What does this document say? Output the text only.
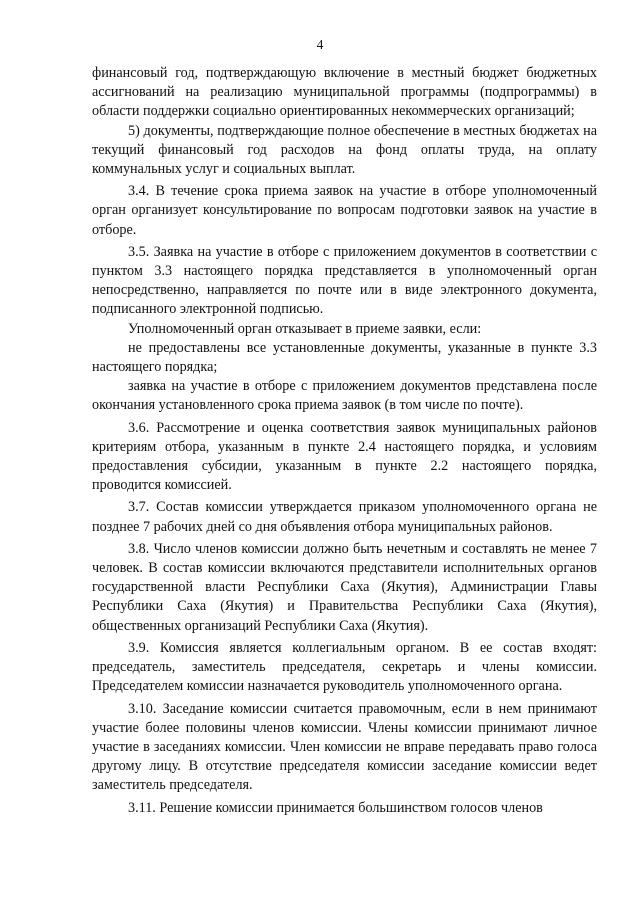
4

финансовый год, подтверждающую включение в местный бюджет бюджетных ассигнований на реализацию муниципальной программы (подпрограммы) в области поддержки социально ориентированных некоммерческих организаций;

5) документы, подтверждающие полное обеспечение в местных бюджетах на текущий финансовый год расходов на фонд оплаты труда, на оплату коммунальных услуг и социальных выплат.

3.4. В течение срока приема заявок на участие в отборе уполномоченный орган организует консультирование по вопросам подготовки заявок на участие в отборе.

3.5. Заявка на участие в отборе с приложением документов в соответствии с пунктом 3.3 настоящего порядка представляется в уполномоченный орган непосредственно, направляется по почте или в виде электронного документа, подписанного электронной подписью.

Уполномоченный орган отказывает в приеме заявки, если:

не предоставлены все установленные документы, указанные в пункте 3.3 настоящего порядка;

заявка на участие в отборе с приложением документов представлена после окончания установленного срока приема заявок (в том числе по почте).

3.6. Рассмотрение и оценка соответствия заявок муниципальных районов критериям отбора, указанным в пункте 2.4 настоящего порядка, и условиям предоставления субсидии, указанным в пункте 2.2 настоящего порядка, проводится комиссией.

3.7. Состав комиссии утверждается приказом уполномоченного органа не позднее 7 рабочих дней со дня объявления отбора муниципальных районов.

3.8. Число членов комиссии должно быть нечетным и составлять не менее 7 человек. В состав комиссии включаются представители исполнительных органов государственной власти Республики Саха (Якутия), Администрации Главы Республики Саха (Якутия) и Правительства Республики Саха (Якутия), общественных организаций Республики Саха (Якутия).

3.9. Комиссия является коллегиальным органом. В ее состав входят: председатель, заместитель председателя, секретарь и члены комиссии. Председателем комиссии назначается руководитель уполномоченного органа.

3.10. Заседание комиссии считается правомочным, если в нем принимают участие более половины членов комиссии. Члены комиссии принимают личное участие в заседаниях комиссии. Член комиссии не вправе передавать право голоса другому лицу. В отсутствие председателя комиссии заседание комиссии ведет заместитель председателя.

3.11. Решение комиссии принимается большинством голосов членов
